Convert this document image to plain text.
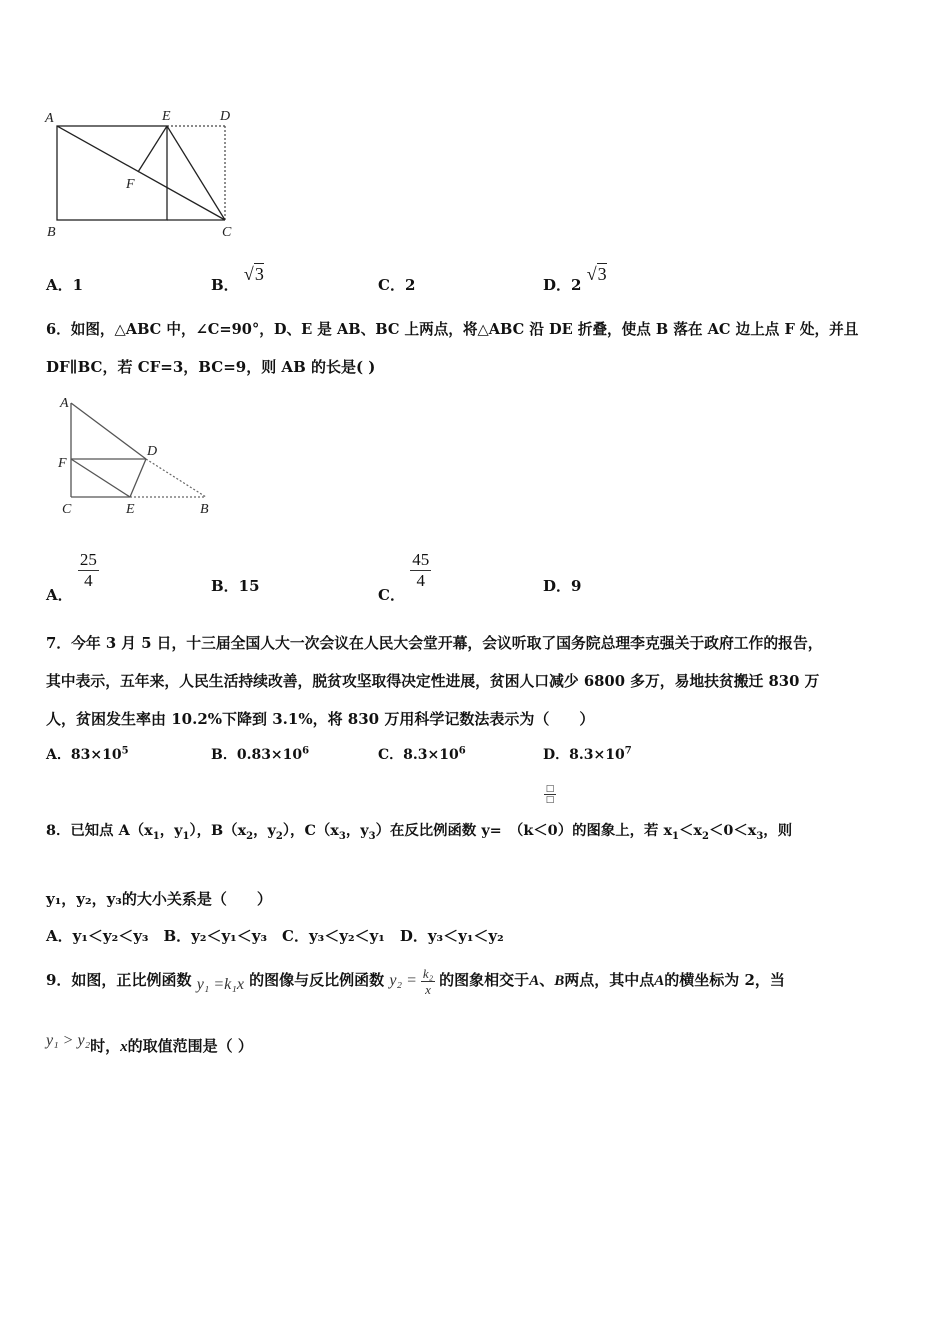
A	E	D
F
B	C
A．1	B． √3
C．2	D．2 √3
6．如图，△ABC 中，∠C=90°，D、E 是 AB、BC 上两点，将△ABC 沿 DE 折叠，使点 B 落在 AC 边上点 F 处，并且
DF∥BC，若 CF=3，BC=9，则 AB 的长是( )
A
D
F
C	E	B
A．
$\frac{25}{4}$	B．15	C．
$\frac{45}{4}$	D．9
7．今年 3 月 5 日，十三届全国人大一次会议在人民大会堂开幕，会议听取了国务院总理李克强关于政府工作的报告，
其中表示，五年来，人民生活持续改善，脱贫攻坚取得决定性进展，贫困人口减少 6800 多万，易地扶贫搬迁 830 万
人，贫困发生率由 10.2%下降到 3.1%，将 830 万用科学记数法表示为（　　）
A．$83\times 10^5$	B．$0.83\times 10^6$	C．$8.3\times 10^6$	D．$8.3\times 10^7$
□
□
8．已知点 $A(x_1$，$y_1$），$B(x_2$，$y_2$），$C(x_3$，$y_3$）在反比例函数 y=　（k＜0）的图象上，若 $x_1<x_2<0<x_3$，则
y₁，y₂，y₃的大小关系是（　　）
A．y₁＜y₂＜y₃　B．y₂＜y₁＜y₃　C．y₃＜y₂＜y₁　D．y₃＜y₁＜y₂
9．如图，正比例函数 y₁ =k₁x 的图像与反比例函数 $y_2 = \frac{\text{k₂}}{x}$ 的图象相交于A、B两点，其中点A的横坐标为 2，当
y₁ > y₂时，x的取值范围是（ ）
